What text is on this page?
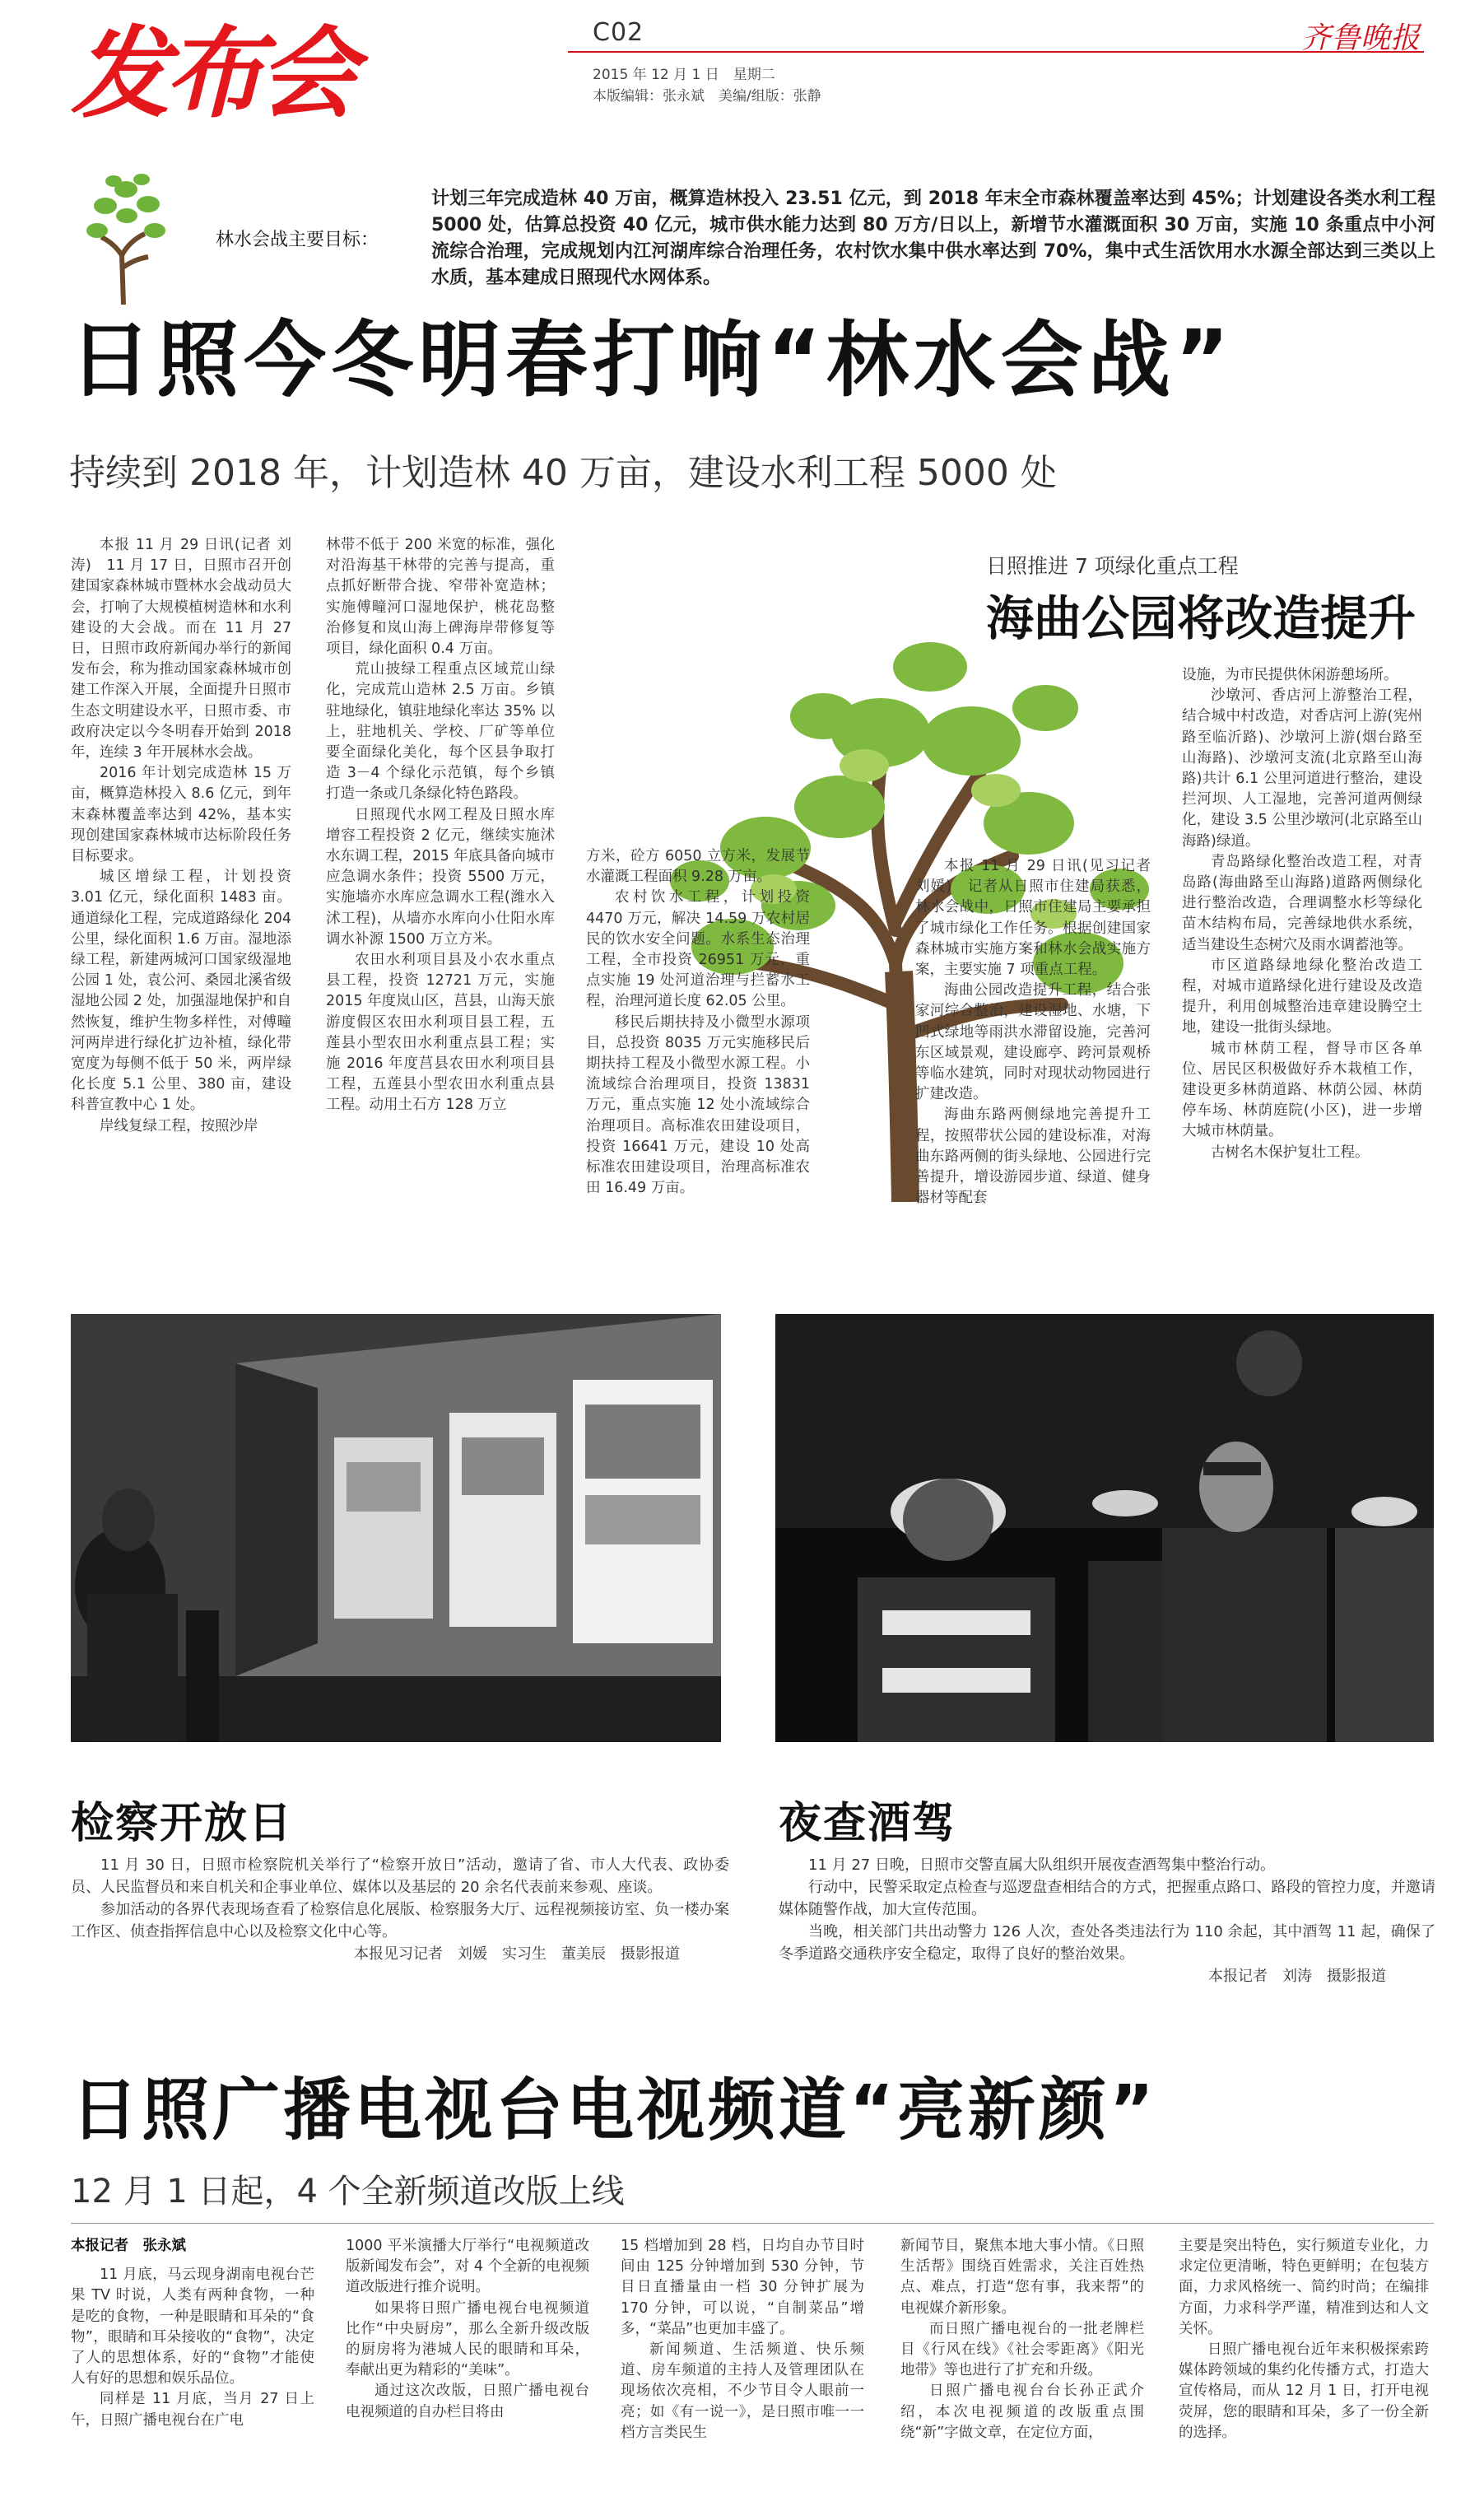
发布会	C02
2015 年 12 月 1 日　星期二
本版编辑：张永斌　美编/组版：张静
齐鲁晚报
林水会战主要目标：
计划三年完成造林 40 万亩，概算造林投入 23.51 亿元，到 2018 年末全市森林覆盖率达到 45%；计划建设各类水利工程 5000 处，估算总投资 40 亿元，城市供水能力达到 80 万方/日以上，新增节水灌溉面积 30 万亩，实施 10 条重点中小河流综合治理，完成规划内江河湖库综合治理任务，农村饮水集中供水率达到 70%，集中式生活饮用水水源全部达到三类以上水质，基本建成日照现代水网体系。
日照今冬明春打响“林水会战”
持续到 2018 年，计划造林 40 万亩，建设水利工程 5000 处

本报 11 月 29 日讯(记者 刘涛)　11 月 17 日，日照市召开创建国家森林城市暨林水会战动员大会，打响了大规模植树造林和水利建设的大会战。而在 11 月 27 日，日照市政府新闻办举行的新闻发布会，称为推动国家森林城市创建工作深入开展，全面提升日照市生态文明建设水平，日照市委、市政府决定以今冬明春开始到 2018 年，连续 3 年开展林水会战。

2016 年计划完成造林 15 万亩，概算造林投入 8.6 亿元，到年末森林覆盖率达到 42%，基本实现创建国家森林城市达标阶段任务目标要求。

城区增绿工程，计划投资 3.01 亿元，绿化面积 1483 亩。通道绿化工程，完成道路绿化 204 公里，绿化面积 1.6 万亩。湿地添绿工程，新建两城河口国家级湿地公园 1 处，袁公河、桑园北溪省级湿地公园 2 处，加强湿地保护和自然恢复，维护生物多样性，对傅疃河两岸进行绿化扩边补植，绿化带宽度为每侧不低于 50 米，两岸绿化长度 5.1 公里、380 亩，建设科普宣教中心 1 处。

岸线复绿工程，按照沙岸

林带不低于 200 米宽的标准，强化对沿海基干林带的完善与提高，重点抓好断带合拢、窄带补宽造林；实施傅疃河口湿地保护，桃花岛整治修复和岚山海上碑海岸带修复等项目，绿化面积 0.4 万亩。

荒山披绿工程重点区域荒山绿化，完成荒山造林 2.5 万亩。乡镇驻地绿化，镇驻地绿化率达 35% 以上，驻地机关、学校、厂矿等单位要全面绿化美化，每个区县争取打造 3－4 个绿化示范镇，每个乡镇打造一条或几条绿化特色路段。

日照现代水网工程及日照水库增容工程投资 2 亿元，继续实施沭水东调工程，2015 年底具备向城市应急调水条件；投资 5500 万元，实施墙亦水库应急调水工程(潍水入沭工程)，从墙亦水库向小仕阳水库调水补源 1500 万立方米。

农田水利项目县及小农水重点县工程，投资 12721 万元，实施 2015 年度岚山区，莒县，山海天旅游度假区农田水利项目县工程，五莲县小型农田水利重点县工程；实施 2016 年度莒县农田水利项目县工程，五莲县小型农田水利重点县工程。动用土石方 128 万立

方米，砼方 6050 立方米，发展节水灌溉工程面积 9.28 万亩。

农村饮水工程，计划投资 4470 万元，解决 14.59 万农村居民的饮水安全问题。水系生态治理工程，全市投资 26951 万元，重点实施 19 处河道治理与拦蓄水工程，治理河道长度 62.05 公里。

移民后期扶持及小微型水源项目，总投资 8035 万元实施移民后期扶持工程及小微型水源工程。小流域综合治理项目，投资 13831 万元，重点实施 12 处小流域综合治理项目。高标准农田建设项目，投资 16641 万元，建设 10 处高标准农田建设项目，治理高标准农田 16.49 万亩。

日照推进 7 项绿化重点工程
海曲公园将改造提升

本报 11 月 29 日讯(见习记者 刘媛)　记者从日照市住建局获悉，林水会战中，日照市住建局主要承担了城市绿化工作任务。根据创建国家森林城市实施方案和林水会战实施方案，主要实施 7 项重点工程。

海曲公园改造提升工程，结合张家河综合整治，建设湿地、水塘，下凹式绿地等雨洪水滞留设施，完善河东区域景观，建设廊亭、跨河景观桥等临水建筑，同时对现状动物园进行扩建改造。

海曲东路两侧绿地完善提升工程，按照带状公园的建设标准，对海曲东路两侧的街头绿地、公园进行完善提升，增设游园步道、绿道、健身器材等配套

设施，为市民提供休闲游憩场所。

沙墩河、香店河上游整治工程，结合城中村改造，对香店河上游(宪州路至临沂路)、沙墩河上游(烟台路至山海路)、沙墩河支流(北京路至山海路)共计 6.1 公里河道进行整治，建设拦河坝、人工湿地，完善河道两侧绿化，建设 3.5 公里沙墩河(北京路至山海路)绿道。

青岛路绿化整治改造工程，对青岛路(海曲路至山海路)道路两侧绿化进行整治改造，合理调整水杉等绿化苗木结构布局，完善绿地供水系统，适当建设生态树穴及雨水调蓄池等。

市区道路绿地绿化整治改造工程，对城市道路绿化进行建设及改造提升，利用创城整治违章建设腾空土地，建设一批街头绿地。

城市林荫工程，督导市区各单位、居民区积极做好乔木栽植工作，建设更多林荫道路、林荫公园、林荫停车场、林荫庭院(小区)，进一步增大城市林荫量。

古树名木保护复壮工程。

检察开放日

11 月 30 日，日照市检察院机关举行了“检察开放日”活动，邀请了省、市人大代表、政协委员、人民监督员和来自机关和企事业单位、媒体以及基层的 20 余名代表前来参观、座谈。

参加活动的各界代表现场查看了检察信息化展版、检察服务大厅、远程视频接访室、负一楼办案工作区、侦查指挥信息中心以及检察文化中心等。

本报见习记者　刘媛　实习生　董美辰　摄影报道

夜查酒驾

11 月 27 日晚，日照市交警直属大队组织开展夜查酒驾集中整治行动。

行动中，民警采取定点检查与巡逻盘查相结合的方式，把握重点路口、路段的管控力度，并邀请媒体随警作战，加大宣传范围。

当晚，相关部门共出动警力 126 人次，查处各类违法行为 110 余起，其中酒驾 11 起，确保了冬季道路交通秩序安全稳定，取得了良好的整治效果。

本报记者　刘涛　摄影报道

日照广播电视台电视频道“亮新颜”
12 月 1 日起，4 个全新频道改版上线

本报记者　张永斌

11 月底，马云现身湖南电视台芒果 TV 时说，人类有两种食物，一种是吃的食物，一种是眼睛和耳朵的“食物”，眼睛和耳朵接收的“食物”，决定了人的思想体系，好的“食物”才能使人有好的思想和娱乐品位。

同样是 11 月底，当月 27 日上午，日照广播电视台在广电

1000 平米演播大厅举行“电视频道改版新闻发布会”，对 4 个全新的电视频道改版进行推介说明。

如果将日照广播电视台电视频道比作“中央厨房”，那么全新升级改版的厨房将为港城人民的眼睛和耳朵，奉献出更为精彩的“美味”。

通过这次改版，日照广播电视台电视频道的自办栏目将由

15 档增加到 28 档，日均自办节目时间由 125 分钟增加到 530 分钟，节目日直播量由一档 30 分钟扩展为 170 分钟，可以说，“自制菜品”增多，“菜品”也更加丰盛了。

新闻频道、生活频道、快乐频道、房车频道的主持人及管理团队在现场依次亮相，不少节目令人眼前一亮；如《有一说一》，是日照市唯一一档方言类民生

新闻节目，聚焦本地大事小情。《日照生活帮》围绕百姓需求，关注百姓热点、难点，打造“您有事，我来帮”的电视媒介新形象。

而日照广播电视台的一批老牌栏目《行风在线》《社会零距离》《阳光地带》等也进行了扩充和升级。

日照广播电视台台长孙正武介绍，本次电视频道的改版重点围绕“新”字做文章，在定位方面，

主要是突出特色，实行频道专业化，力求定位更清晰，特色更鲜明；在包装方面，力求风格统一、简约时尚；在编排方面，力求科学严谨，精准到达和人文关怀。

日照广播电视台近年来积极探索跨媒体跨领域的集约化传播方式，打造大宣传格局，而从 12 月 1 日，打开电视荧屏，您的眼睛和耳朵，多了一份全新的选择。
